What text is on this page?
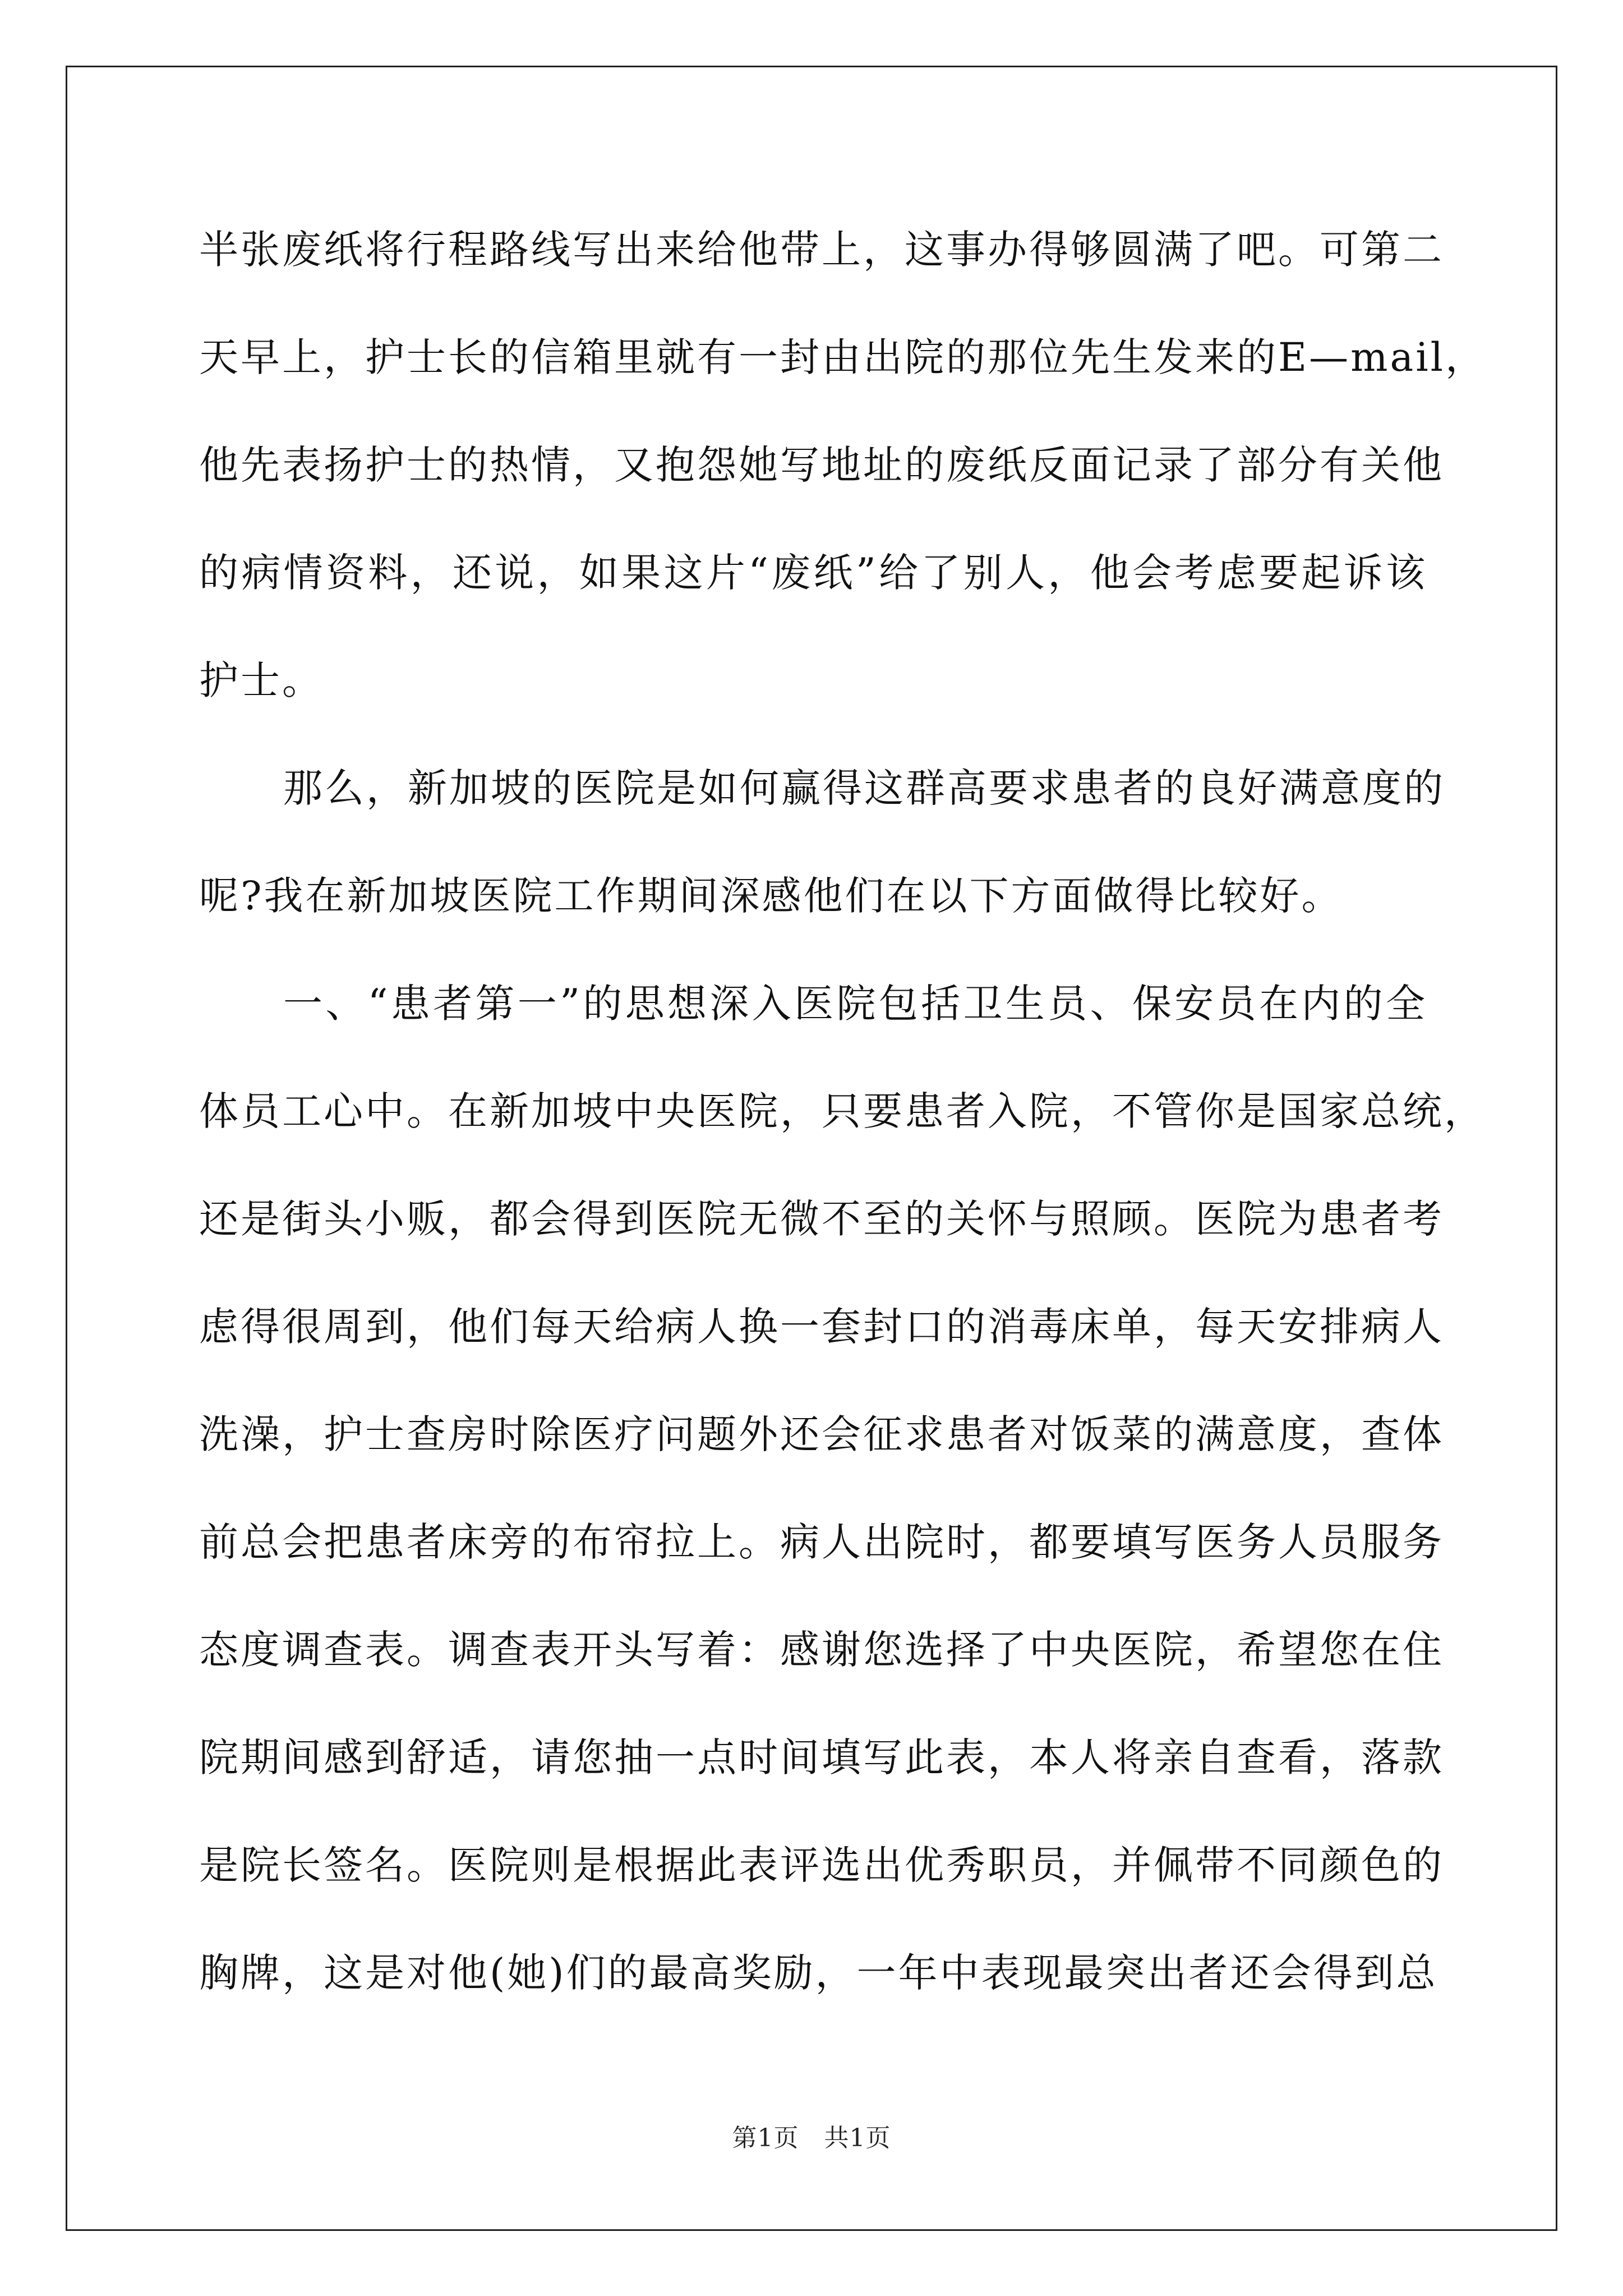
半张废纸将行程路线写出来给他带上，这事办得够圆满了吧。可第二
天早上，护士长的信箱里就有一封由出院的那位先生发来的E—mail，
他先表扬护士的热情，又抱怨她写地址的废纸反面记录了部分有关他
的病情资料，还说，如果这片“废纸”给了别人，他会考虑要起诉该
护士。
那么，新加坡的医院是如何赢得这群高要求患者的良好满意度的
呢?我在新加坡医院工作期间深感他们在以下方面做得比较好。
一、“患者第一”的思想深入医院包括卫生员、保安员在内的全
体员工心中。在新加坡中央医院，只要患者入院，不管你是国家总统，
还是街头小贩，都会得到医院无微不至的关怀与照顾。医院为患者考
虑得很周到，他们每天给病人换一套封口的消毒床单，每天安排病人
洗澡，护士查房时除医疗问题外还会征求患者对饭菜的满意度，查体
前总会把患者床旁的布帘拉上。病人出院时，都要填写医务人员服务
态度调查表。调查表开头写着：感谢您选择了中央医院，希望您在住
院期间感到舒适，请您抽一点时间填写此表，本人将亲自查看，落款
是院长签名。医院则是根据此表评选出优秀职员，并佩带不同颜色的
胸牌，这是对他(她)们的最高奖励，一年中表现最突出者还会得到总
第1页　共1页
